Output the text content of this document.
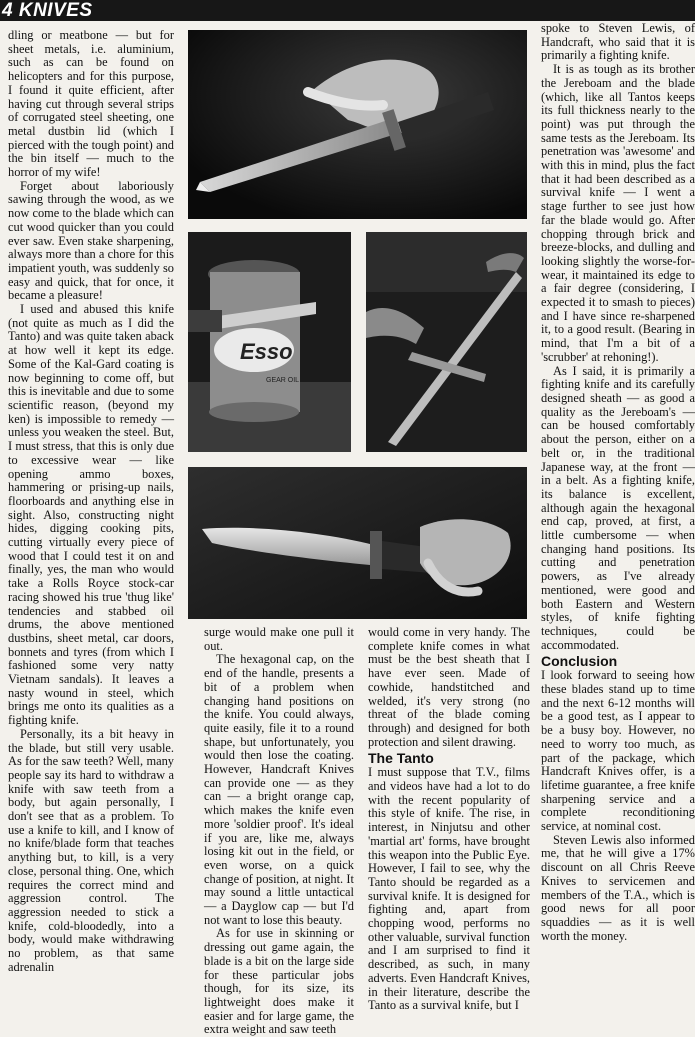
4 KNIVES

dling or meatbone — but for sheet metals, i.e. aluminium, such as can be found on helicopters and for this purpose, I found it quite efficient, after having cut through several strips of corrugated steel sheeting, one metal dustbin lid (which I pierced with the tough point) and the bin itself — much to the horror of my wife!

Forget about laboriously sawing through the wood, as we now come to the blade which can cut wood quicker than you could ever saw. Even stake sharpening, always more than a chore for this impatient youth, was suddenly so easy and quick, that for once, it became a pleasure!

I used and abused this knife (not quite as much as I did the Tanto) and was quite taken aback at how well it kept its edge. Some of the Kal-Gard coating is now beginning to come off, but this is inevitable and due to some scientific reason, (beyond my ken) is impossible to remedy — unless you weaken the steel. But, I must stress, that this is only due to excessive wear — like opening ammo boxes, hammering or prising-up nails, floorboards and anything else in sight. Also, constructing night hides, digging cooking pits, cutting virtually every piece of wood that I could test it on and finally, yes, the man who would take a Rolls Royce stock-car racing showed his true 'thug like' tendencies and stabbed oil drums, the above mentioned dustbins, sheet metal, car doors, bonnets and tyres (from which I fashioned some very natty Vietnam sandals). It leaves a nasty wound in steel, which brings me onto its qualities as a fighting knife.

Personally, its a bit heavy in the blade, but still very usable. As for the saw teeth? Well, many people say its hard to withdraw a knife with saw teeth from a body, but again personally, I don't see that as a problem. To use a knife to kill, and I know of no knife/blade form that teaches anything but, to kill, is a very close, personal thing. One, which requires the correct mind and aggression control. The aggression needed to stick a knife, cold-bloodedly, into a body, would make withdrawing no problem, as that same adrenalin

Esso
GEAR OIL

surge would make one pull it out.

The hexagonal cap, on the end of the handle, presents a bit of a problem when changing hand positions on the knife. You could always, quite easily, file it to a round shape, but unfortunately, you would then lose the coating. However, Handcraft Knives can provide one — as they can — a bright orange cap, which makes the knife even more 'soldier proof'. It's ideal if you are, like me, always losing kit out in the field, or even worse, on a quick change of position, at night. It may sound a little untactical — a Dayglow cap — but I'd not want to lose this beauty.

As for use in skinning or dressing out game again, the blade is a bit on the large side for these particular jobs though, for its size, its lightweight does make it easier and for large game, the extra weight and saw teeth

would come in very handy. The complete knife comes in what must be the best sheath that I have ever seen. Made of cowhide, handstitched and welded, it's very strong (no threat of the blade coming through) and designed for both protection and silent drawing.

The Tanto

I must suppose that T.V., films and videos have had a lot to do with the recent popularity of this style of knife. The rise, in interest, in Ninjutsu and other 'martial art' forms, have brought this weapon into the Public Eye. However, I fail to see, why the Tanto should be regarded as a survival knife. It is designed for fighting and, apart from chopping wood, performs no other valuable, survival function and I am surprised to find it described, as such, in many adverts. Even Handcraft Knives, in their literature, describe the Tanto as a survival knife, but I

spoke to Steven Lewis, of Handcraft, who said that it is primarily a fighting knife.

It is as tough as its brother the Jereboam and the blade (which, like all Tantos keeps its full thickness nearly to the point) was put through the same tests as the Jereboam. Its penetration was 'awesome' and with this in mind, plus the fact that it had been described as a survival knife — I went a stage further to see just how far the blade would go. After chopping through brick and breeze-blocks, and dulling and looking slightly the worse-for-wear, it maintained its edge to a fair degree (considering, I expected it to smash to pieces) and I have since re-sharpened it, to a good result. (Bearing in mind, that I'm a bit of a 'scrubber' at rehoning!).

As I said, it is primarily a fighting knife and its carefully designed sheath — as good a quality as the Jereboam's — can be housed comfortably about the person, either on a belt or, in the traditional Japanese way, at the front — in a belt. As a fighting knife, its balance is excellent, although again the hexagonal end cap, proved, at first, a little cumbersome — when changing hand positions. Its cutting and penetration powers, as I've already mentioned, were good and both Eastern and Western styles, of knife fighting techniques, could be accommodated.

Conclusion

I look forward to seeing how these blades stand up to time and the next 6-12 months will be a good test, as I appear to be a busy boy. However, no need to worry too much, as part of the package, which Handcraft Knives offer, is a lifetime guarantee, a free knife sharpening service and a complete reconditioning service, at nominal cost.

Steven Lewis also informed me, that he will give a 17% discount on all Chris Reeve Knives to servicemen and members of the T.A., which is good news for all poor squaddies — as it is well worth the money.
